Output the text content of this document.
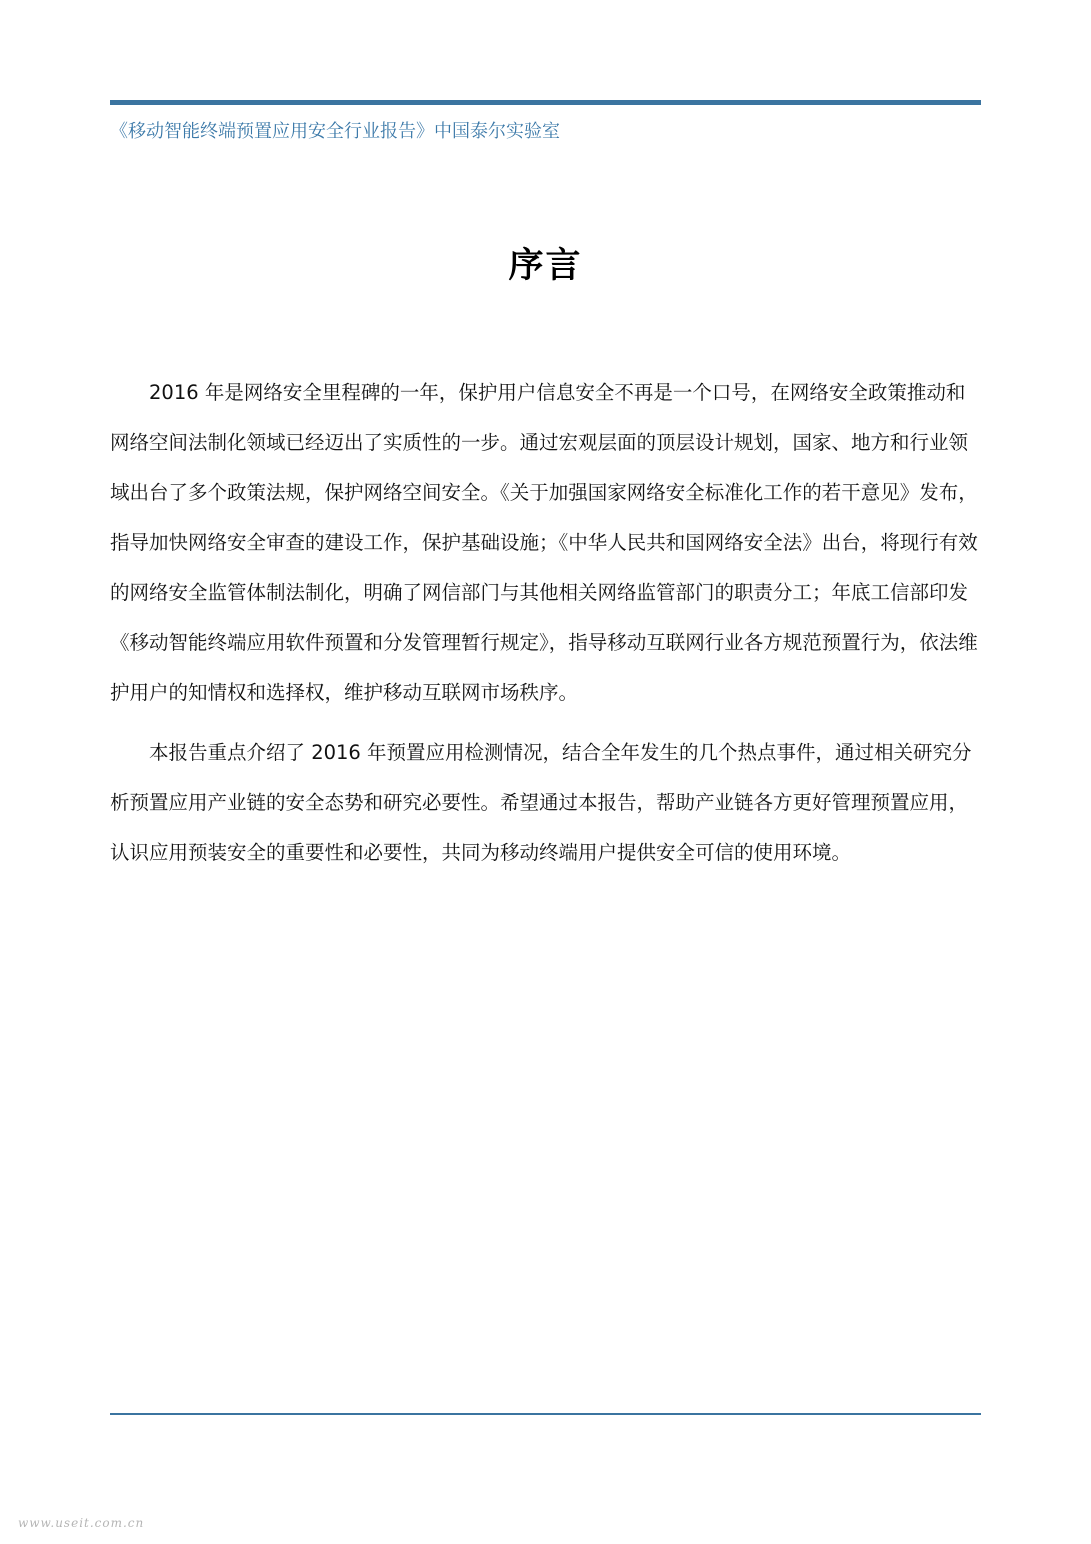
《移动智能终端预置应用安全行业报告》中国泰尔实验室
序言

2016 年是网络安全里程碑的一年，保护用户信息安全不再是一个口号，在网络安全政策推动和网络空间法制化领域已经迈出了实质性的一步。通过宏观层面的顶层设计规划，国家、地方和行业领域出台了多个政策法规，保护网络空间安全。《关于加强国家网络安全标准化工作的若干意见》发布，指导加快网络安全审查的建设工作，保护基础设施；《中华人民共和国网络安全法》出台，将现行有效的网络安全监管体制法制化，明确了网信部门与其他相关网络监管部门的职责分工；年底工信部印发《移动智能终端应用软件预置和分发管理暂行规定》，指导移动互联网行业各方规范预置行为，依法维护用户的知情权和选择权，维护移动互联网市场秩序。

本报告重点介绍了 2016 年预置应用检测情况，结合全年发生的几个热点事件，通过相关研究分析预置应用产业链的安全态势和研究必要性。希望通过本报告，帮助产业链各方更好管理预置应用，认识应用预装安全的重要性和必要性，共同为移动终端用户提供安全可信的使用环境。

www.useit.com.cn
